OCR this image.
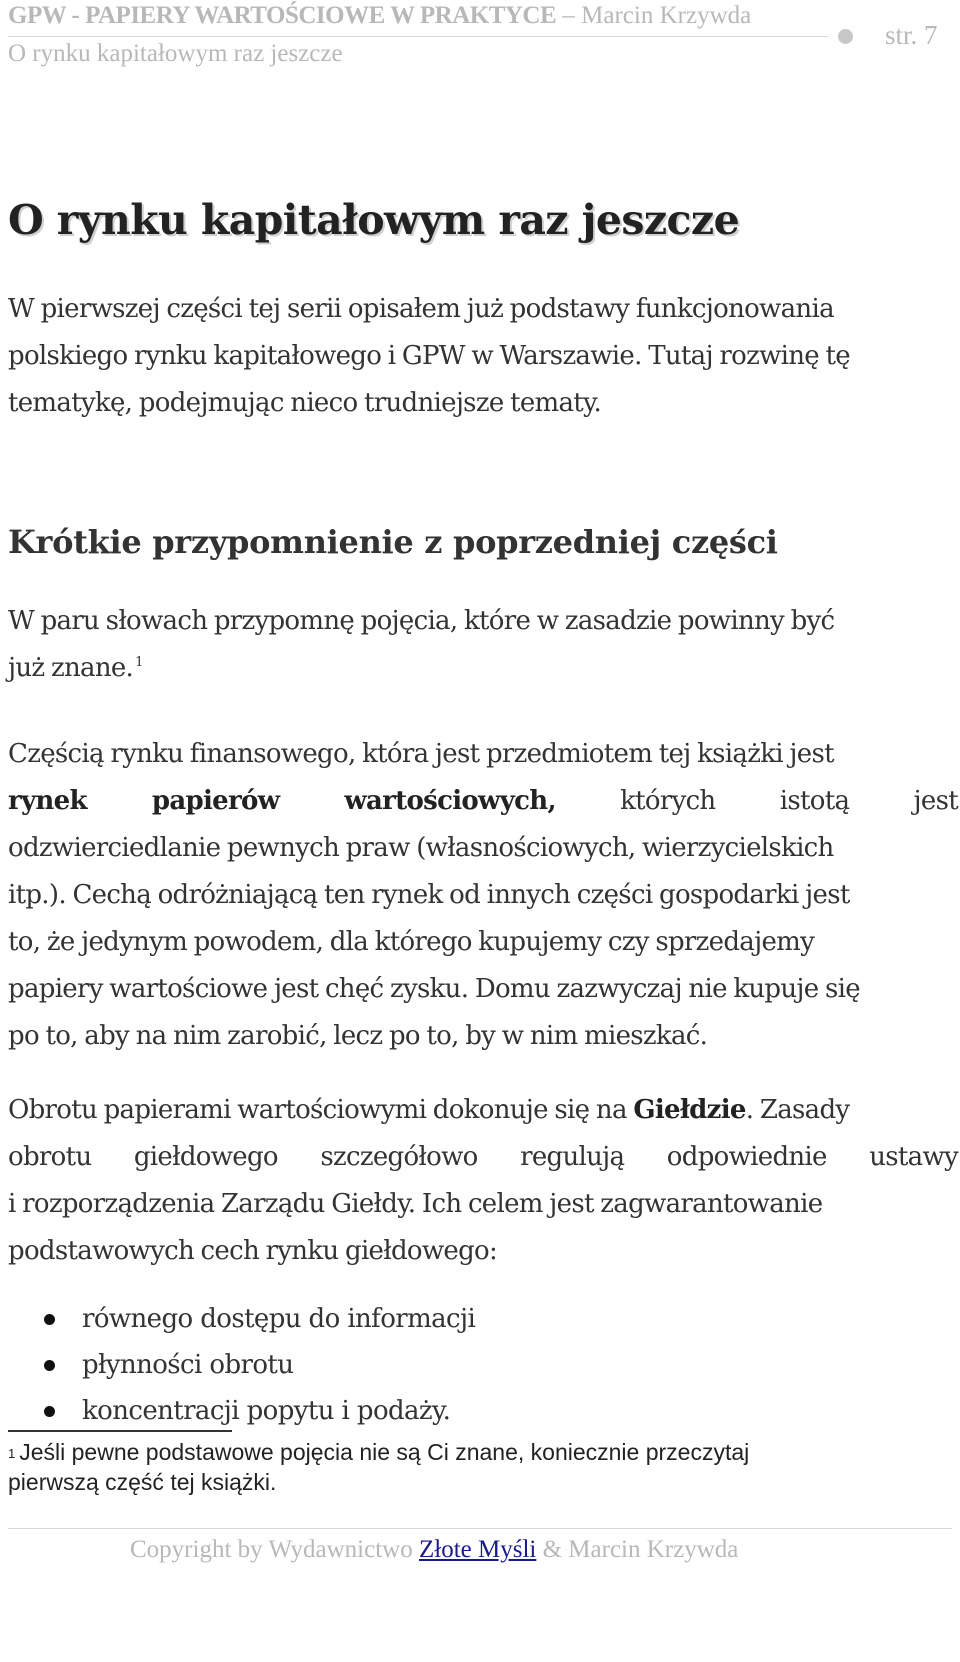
GPW - PAPIERY WARTOŚCIOWE W PRAKTYCE – Marcin Krzywda
O rynku kapitałowym raz jeszcze
str. 7
O rynku kapitałowym raz jeszcze
W pierwszej części tej serii opisałem już podstawy funkcjonowania
polskiego rynku kapitałowego i GPW w Warszawie. Tutaj rozwinę tę
tematykę, podejmując nieco trudniejsze tematy.
Krótkie przypomnienie z poprzedniej części
W paru słowach przypomnę pojęcia, które w zasadzie powinny być
już znane. $^1$
Częścią rynku finansowego, która jest przedmiotem tej książki jest
rynek papierów wartościowych, których istotą jest
odzwierciedlanie pewnych praw (własnościowych, wierzycielskich
itp.). Cechą odróżniającą ten rynek od innych części gospodarki jest
to, że jedynym powodem, dla którego kupujemy czy sprzedajemy
papiery wartościowe jest chęć zysku. Domu zazwyczaj nie kupuje się
po to, aby na nim zarobić, lecz po to, by w nim mieszkać.
Obrotu papierami wartościowymi dokonuje się na Giełdzie. Zasady
obrotu giełdowego szczegółowo regulują odpowiednie ustawy
i rozporządzenia Zarządu Giełdy. Ich celem jest zagwarantowanie
podstawowych cech rynku giełdowego:
równego dostępu do informacji
płynności obrotu
koncentracji popytu i podaży.
$^1$ Jeśli pewne podstawowe pojęcia nie są Ci znane, koniecznie przeczytaj
pierwszą część tej książki.
Copyright by Wydawnictwo Złote Myśli & Marcin Krzywda
